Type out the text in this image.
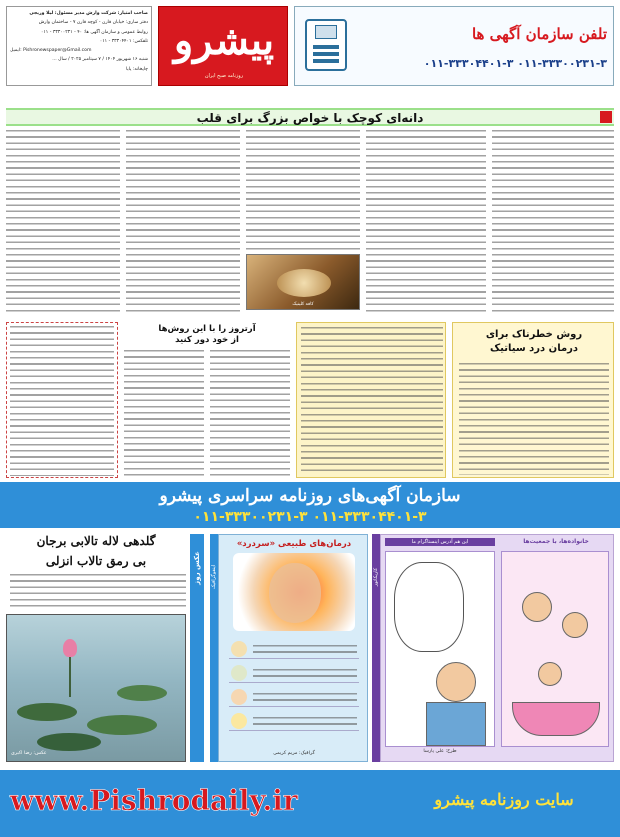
صاحب امتیاز: شرکت وارش مدیر مسئول: لیلا وریجی
دفتر ساری: خیابان قارن - کوچه قارن ۷ - ساختمان وارش
روابط عمومی و سازمان آگهی ها: ۴۰ - ۳۳۳۰۰۲۳۱ - ۰۱۱
تلفکس: ۳۳۳۰۴۴۰۱ - ۰۱۱
ایمیل: Pishronewspaper@Gmail.com
شنبه ۱۶ شهریور ۱۴۰۴ / ۷ سپتامبر ۲۰۲۵ / سال ...
چاپخانه: پایا
پیشرو
روزنامه صبح ایران
تلفن سازمان آگهی ها
۰۱۱-۳۳۳۰۰۲۳۱-۳ ۰۱۱-۳۳۳۰۴۴۰۱-۳
دانه‌ای کوچک با خواص بزرگ برای قلب
کافه کلینیک
آرتروز را با این روش‌ها
از خود دور کنید	روش خطرناک برای
درمان درد سیاتیک
سازمان آگهی‌های روزنامه سراسری پیشرو
۰۱۱-۳۳۳۰۴۴۰۱-۳ ۰۱۱-۳۳۳۰۰۲۳۱-۳
این هم آدرس اینستاگرام ما	خانواده‌ها، با جمعیت‌ها
طرح: علی پارسا
کاریکاتور
درمان‌های طبیعی «سردرد»
گرافیک: مریم کریمی
اینفوگرافیک
گلدهی لاله تالابی برجان
بی رمق تالاب انزلی
عکس: رضا اکبری
عکس روز
www.Pishrodaily.ir	سایت روزنامه پیشرو
